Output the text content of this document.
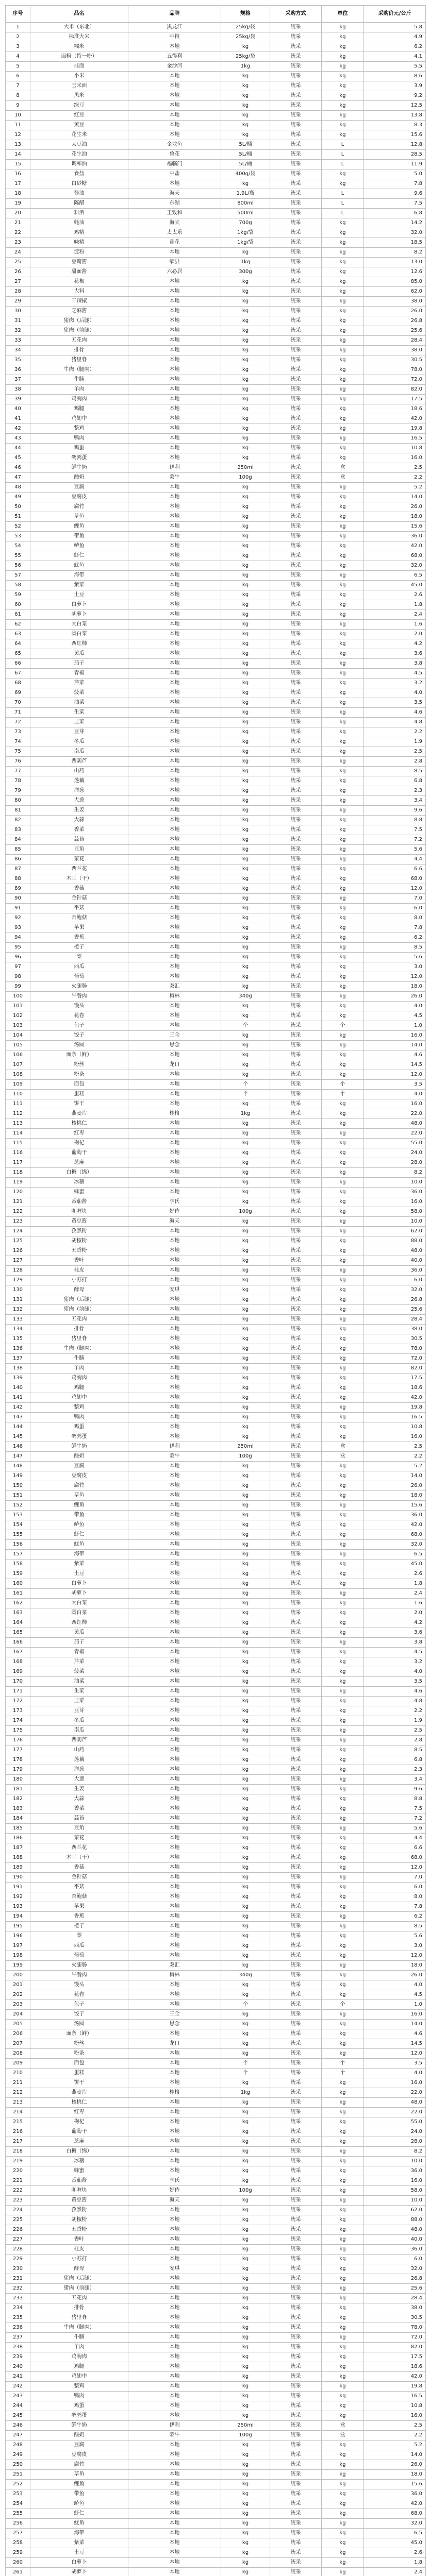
序号	品名	品牌	规格	采购方式	单位	采购价元/公斤
1	大米（东北）	黑龙江	25kg/袋	统采	kg	5.8
2	标准大米	中粮	25kg/袋	统采	kg	4.9
3	糯米	本地	kg	统采	kg	6.2
4	面粉（特一粉）	五得利	25kg/袋	统采	kg	4.1
5	挂面	金沙河	1kg	统采	kg	5.5
6	小米	本地	kg	统采	kg	8.6
7	玉米面	本地	kg	统采	kg	3.9
8	黑米	本地	kg	统采	kg	9.2
9	绿豆	本地	kg	统采	kg	12.5
10	红豆	本地	kg	统采	kg	13.8
11	黄豆	本地	kg	统采	kg	8.3
12	花生米	本地	kg	统采	kg	15.6
13	大豆油	金龙鱼	5L/桶	统采	L	12.8
14	花生油	鲁花	5L/桶	统采	L	28.5
15	调和油	福临门	5L/桶	统采	L	11.9
16	食盐	中盐	400g/袋	统采	kg	5.0
17	白砂糖	本地	kg	统采	kg	7.8
18	酱油	海天	1.9L/瓶	统采	L	9.6
19	陈醋	东湖	800ml	统采	L	7.5
20	料酒	王致和	500ml	统采	L	6.8
21	蚝油	海天	700g	统采	kg	14.2
22	鸡精	太太乐	1kg/袋	统采	kg	32.0
23	味精	莲花	1kg/袋	统采	kg	18.5
24	淀粉	本地	kg	统采	kg	8.2
25	豆瓣酱	郫县	1kg	统采	kg	13.0
26	甜面酱	六必居	300g	统采	kg	12.6
27	花椒	本地	kg	统采	kg	85.0
28	大料	本地	kg	统采	kg	62.0
29	干辣椒	本地	kg	统采	kg	38.0
30	芝麻酱	本地	kg	统采	kg	26.0
31	猪肉（后腿）	本地	kg	统采	kg	26.8
32	猪肉（前腿）	本地	kg	统采	kg	25.6
33	五花肉	本地	kg	统采	kg	28.4
34	排骨	本地	kg	统采	kg	38.0
35	猪里脊	本地	kg	统采	kg	30.5
36	牛肉（腿肉）	本地	kg	统采	kg	78.0
37	牛腩	本地	kg	统采	kg	72.0
38	羊肉	本地	kg	统采	kg	82.0
39	鸡胸肉	本地	kg	统采	kg	17.5
40	鸡腿	本地	kg	统采	kg	18.6
41	鸡翅中	本地	kg	统采	kg	42.0
42	整鸡	本地	kg	统采	kg	19.8
43	鸭肉	本地	kg	统采	kg	16.5
44	鸡蛋	本地	kg	统采	kg	10.8
45	鹌鹑蛋	本地	kg	统采	kg	16.0
46	鲜牛奶	伊利	250ml	统采	盒	2.5
47	酸奶	蒙牛	100g	统采	盒	2.2
48	豆腐	本地	kg	统采	kg	5.2
49	豆腐皮	本地	kg	统采	kg	14.0
50	腐竹	本地	kg	统采	kg	26.0
51	草鱼	本地	kg	统采	kg	18.0
52	鲤鱼	本地	kg	统采	kg	15.6
53	带鱼	本地	kg	统采	kg	36.0
54	鲈鱼	本地	kg	统采	kg	42.0
55	虾仁	本地	kg	统采	kg	68.0
56	鱿鱼	本地	kg	统采	kg	32.0
57	海带	本地	kg	统采	kg	6.5
58	紫菜	本地	kg	统采	kg	45.0
59	土豆	本地	kg	统采	kg	2.6
60	白萝卜	本地	kg	统采	kg	1.8
61	胡萝卜	本地	kg	统采	kg	2.4
62	大白菜	本地	kg	统采	kg	1.6
63	圆白菜	本地	kg	统采	kg	2.0
64	西红柿	本地	kg	统采	kg	4.2
65	黄瓜	本地	kg	统采	kg	3.6
66	茄子	本地	kg	统采	kg	3.8
67	青椒	本地	kg	统采	kg	4.5
68	芹菜	本地	kg	统采	kg	3.2
69	菠菜	本地	kg	统采	kg	4.0
70	油菜	本地	kg	统采	kg	3.5
71	生菜	本地	kg	统采	kg	4.6
72	韭菜	本地	kg	统采	kg	4.8
73	豆芽	本地	kg	统采	kg	2.2
74	冬瓜	本地	kg	统采	kg	1.9
75	南瓜	本地	kg	统采	kg	2.5
76	西葫芦	本地	kg	统采	kg	2.8
77	山药	本地	kg	统采	kg	8.5
78	莲藕	本地	kg	统采	kg	6.8
79	洋葱	本地	kg	统采	kg	2.3
80	大葱	本地	kg	统采	kg	3.4
81	生姜	本地	kg	统采	kg	9.6
82	大蒜	本地	kg	统采	kg	8.8
83	香菜	本地	kg	统采	kg	7.5
84	蒜苔	本地	kg	统采	kg	7.2
85	豆角	本地	kg	统采	kg	5.6
86	菜花	本地	kg	统采	kg	4.4
87	西兰花	本地	kg	统采	kg	6.6
88	木耳（干）	本地	kg	统采	kg	68.0
89	香菇	本地	kg	统采	kg	12.0
90	金针菇	本地	kg	统采	kg	7.0
91	平菇	本地	kg	统采	kg	6.0
92	杏鲍菇	本地	kg	统采	kg	8.0
93	苹果	本地	kg	统采	kg	7.8
94	香蕉	本地	kg	统采	kg	6.2
95	橙子	本地	kg	统采	kg	8.5
96	梨	本地	kg	统采	kg	5.6
97	西瓜	本地	kg	统采	kg	3.0
98	葡萄	本地	kg	统采	kg	12.0
99	火腿肠	双汇	kg	统采	kg	18.0
100	午餐肉	梅林	340g	统采	kg	26.0
101	馒头	本地	kg	统采	kg	4.0
102	花卷	本地	kg	统采	kg	4.5
103	包子	本地	个	统采	个	1.0
104	饺子	三全	kg	统采	kg	16.0
105	汤圆	思念	kg	统采	kg	14.0
106	面条（鲜）	本地	kg	统采	kg	4.6
107	粉丝	龙口	kg	统采	kg	14.5
108	粉条	本地	kg	统采	kg	12.0
109	面包	本地	个	统采	个	3.5
110	蛋糕	本地	个	统采	个	4.0
111	饼干	本地	kg	统采	kg	16.0
112	燕麦片	桂格	1kg	统采	kg	22.0
113	核桃仁	本地	kg	统采	kg	48.0
114	红枣	本地	kg	统采	kg	22.0
115	枸杞	本地	kg	统采	kg	55.0
116	葡萄干	本地	kg	统采	kg	24.0
117	芝麻	本地	kg	统采	kg	28.0
118	白糖（绵）	本地	kg	统采	kg	8.2
119	冰糖	本地	kg	统采	kg	10.0
120	蜂蜜	本地	kg	统采	kg	36.0
121	番茄酱	亨氏	kg	统采	kg	16.0
122	咖喱块	好侍	100g	统采	kg	58.0
123	黄豆酱	海天	kg	统采	kg	10.0
124	孜然粉	本地	kg	统采	kg	62.0
125	胡椒粉	本地	kg	统采	kg	88.0
126	五香粉	本地	kg	统采	kg	48.0
127	香叶	本地	kg	统采	kg	40.0
128	桂皮	本地	kg	统采	kg	36.0
129	小苏打	本地	kg	统采	kg	6.0
130	酵母	安琪	kg	统采	kg	32.0
131	猪肉（后腿）	本地	kg	统采	kg	26.8
132	猪肉（前腿）	本地	kg	统采	kg	25.6
133	五花肉	本地	kg	统采	kg	28.4
134	排骨	本地	kg	统采	kg	38.0
135	猪里脊	本地	kg	统采	kg	30.5
136	牛肉（腿肉）	本地	kg	统采	kg	78.0
137	牛腩	本地	kg	统采	kg	72.0
138	羊肉	本地	kg	统采	kg	82.0
139	鸡胸肉	本地	kg	统采	kg	17.5
140	鸡腿	本地	kg	统采	kg	18.6
141	鸡翅中	本地	kg	统采	kg	42.0
142	整鸡	本地	kg	统采	kg	19.8
143	鸭肉	本地	kg	统采	kg	16.5
144	鸡蛋	本地	kg	统采	kg	10.8
145	鹌鹑蛋	本地	kg	统采	kg	16.0
146	鲜牛奶	伊利	250ml	统采	盒	2.5
147	酸奶	蒙牛	100g	统采	盒	2.2
148	豆腐	本地	kg	统采	kg	5.2
149	豆腐皮	本地	kg	统采	kg	14.0
150	腐竹	本地	kg	统采	kg	26.0
151	草鱼	本地	kg	统采	kg	18.0
152	鲤鱼	本地	kg	统采	kg	15.6
153	带鱼	本地	kg	统采	kg	36.0
154	鲈鱼	本地	kg	统采	kg	42.0
155	虾仁	本地	kg	统采	kg	68.0
156	鱿鱼	本地	kg	统采	kg	32.0
157	海带	本地	kg	统采	kg	6.5
158	紫菜	本地	kg	统采	kg	45.0
159	土豆	本地	kg	统采	kg	2.6
160	白萝卜	本地	kg	统采	kg	1.8
161	胡萝卜	本地	kg	统采	kg	2.4
162	大白菜	本地	kg	统采	kg	1.6
163	圆白菜	本地	kg	统采	kg	2.0
164	西红柿	本地	kg	统采	kg	4.2
165	黄瓜	本地	kg	统采	kg	3.6
166	茄子	本地	kg	统采	kg	3.8
167	青椒	本地	kg	统采	kg	4.5
168	芹菜	本地	kg	统采	kg	3.2
169	菠菜	本地	kg	统采	kg	4.0
170	油菜	本地	kg	统采	kg	3.5
171	生菜	本地	kg	统采	kg	4.6
172	韭菜	本地	kg	统采	kg	4.8
173	豆芽	本地	kg	统采	kg	2.2
174	冬瓜	本地	kg	统采	kg	1.9
175	南瓜	本地	kg	统采	kg	2.5
176	西葫芦	本地	kg	统采	kg	2.8
177	山药	本地	kg	统采	kg	8.5
178	莲藕	本地	kg	统采	kg	6.8
179	洋葱	本地	kg	统采	kg	2.3
180	大葱	本地	kg	统采	kg	3.4
181	生姜	本地	kg	统采	kg	9.6
182	大蒜	本地	kg	统采	kg	8.8
183	香菜	本地	kg	统采	kg	7.5
184	蒜苔	本地	kg	统采	kg	7.2
185	豆角	本地	kg	统采	kg	5.6
186	菜花	本地	kg	统采	kg	4.4
187	西兰花	本地	kg	统采	kg	6.6
188	木耳（干）	本地	kg	统采	kg	68.0
189	香菇	本地	kg	统采	kg	12.0
190	金针菇	本地	kg	统采	kg	7.0
191	平菇	本地	kg	统采	kg	6.0
192	杏鲍菇	本地	kg	统采	kg	8.0
193	苹果	本地	kg	统采	kg	7.8
194	香蕉	本地	kg	统采	kg	6.2
195	橙子	本地	kg	统采	kg	8.5
196	梨	本地	kg	统采	kg	5.6
197	西瓜	本地	kg	统采	kg	3.0
198	葡萄	本地	kg	统采	kg	12.0
199	火腿肠	双汇	kg	统采	kg	18.0
200	午餐肉	梅林	340g	统采	kg	26.0
201	馒头	本地	kg	统采	kg	4.0
202	花卷	本地	kg	统采	kg	4.5
203	包子	本地	个	统采	个	1.0
204	饺子	三全	kg	统采	kg	16.0
205	汤圆	思念	kg	统采	kg	14.0
206	面条（鲜）	本地	kg	统采	kg	4.6
207	粉丝	龙口	kg	统采	kg	14.5
208	粉条	本地	kg	统采	kg	12.0
209	面包	本地	个	统采	个	3.5
210	蛋糕	本地	个	统采	个	4.0
211	饼干	本地	kg	统采	kg	16.0
212	燕麦片	桂格	1kg	统采	kg	22.0
213	核桃仁	本地	kg	统采	kg	48.0
214	红枣	本地	kg	统采	kg	22.0
215	枸杞	本地	kg	统采	kg	55.0
216	葡萄干	本地	kg	统采	kg	24.0
217	芝麻	本地	kg	统采	kg	28.0
218	白糖（绵）	本地	kg	统采	kg	8.2
219	冰糖	本地	kg	统采	kg	10.0
220	蜂蜜	本地	kg	统采	kg	36.0
221	番茄酱	亨氏	kg	统采	kg	16.0
222	咖喱块	好侍	100g	统采	kg	58.0
223	黄豆酱	海天	kg	统采	kg	10.0
224	孜然粉	本地	kg	统采	kg	62.0
225	胡椒粉	本地	kg	统采	kg	88.0
226	五香粉	本地	kg	统采	kg	48.0
227	香叶	本地	kg	统采	kg	40.0
228	桂皮	本地	kg	统采	kg	36.0
229	小苏打	本地	kg	统采	kg	6.0
230	酵母	安琪	kg	统采	kg	32.0
231	猪肉（后腿）	本地	kg	统采	kg	26.8
232	猪肉（前腿）	本地	kg	统采	kg	25.6
233	五花肉	本地	kg	统采	kg	28.4
234	排骨	本地	kg	统采	kg	38.0
235	猪里脊	本地	kg	统采	kg	30.5
236	牛肉（腿肉）	本地	kg	统采	kg	78.0
237	牛腩	本地	kg	统采	kg	72.0
238	羊肉	本地	kg	统采	kg	82.0
239	鸡胸肉	本地	kg	统采	kg	17.5
240	鸡腿	本地	kg	统采	kg	18.6
241	鸡翅中	本地	kg	统采	kg	42.0
242	整鸡	本地	kg	统采	kg	19.8
243	鸭肉	本地	kg	统采	kg	16.5
244	鸡蛋	本地	kg	统采	kg	10.8
245	鹌鹑蛋	本地	kg	统采	kg	16.0
246	鲜牛奶	伊利	250ml	统采	盒	2.5
247	酸奶	蒙牛	100g	统采	盒	2.2
248	豆腐	本地	kg	统采	kg	5.2
249	豆腐皮	本地	kg	统采	kg	14.0
250	腐竹	本地	kg	统采	kg	26.0
251	草鱼	本地	kg	统采	kg	18.0
252	鲤鱼	本地	kg	统采	kg	15.6
253	带鱼	本地	kg	统采	kg	36.0
254	鲈鱼	本地	kg	统采	kg	42.0
255	虾仁	本地	kg	统采	kg	68.0
256	鱿鱼	本地	kg	统采	kg	32.0
257	海带	本地	kg	统采	kg	6.5
258	紫菜	本地	kg	统采	kg	45.0
259	土豆	本地	kg	统采	kg	2.6
260	白萝卜	本地	kg	统采	kg	1.8
261	胡萝卜	本地	kg	统采	kg	2.4
